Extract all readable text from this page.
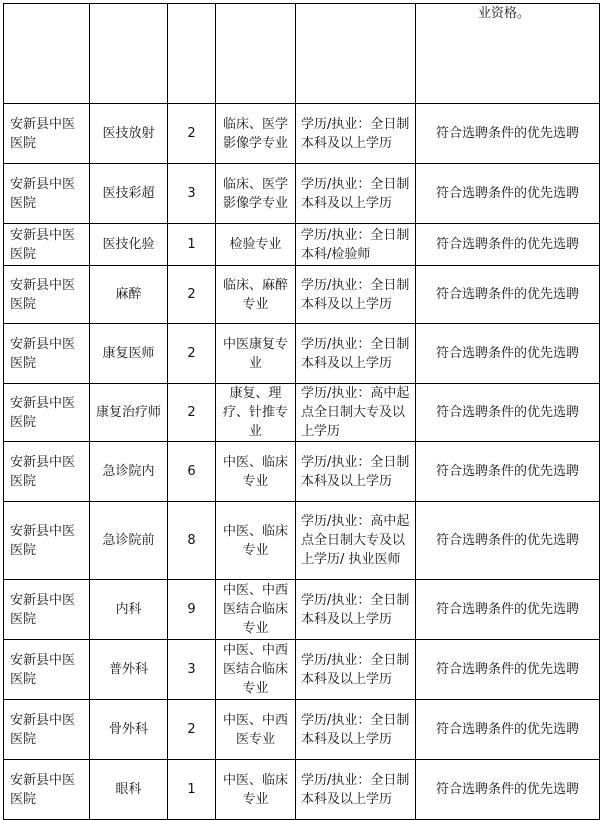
					业资格。
安新县中医医院	医技放射	2	临床、医学影像学专业	学历/执业：全日制本科及以上学历	符合选聘条件的优先选聘
安新县中医医院	医技彩超	3	临床、医学影像学专业	学历/执业：全日制本科及以上学历	符合选聘条件的优先选聘
安新县中医医院	医技化验	1	检验专业	学历/执业：全日制本科/检验师	符合选聘条件的优先选聘
安新县中医医院	麻醉	2	临床、麻醉专业	学历/执业：全日制本科及以上学历	符合选聘条件的优先选聘
安新县中医医院	康复医师	2	中医康复专业	学历/执业：全日制本科及以上学历	符合选聘条件的优先选聘
安新县中医医院	康复治疗师	2	康复、理疗、针推专业	学历/执业：高中起点全日制大专及以上学历	符合选聘条件的优先选聘
安新县中医医院	急诊院内	6	中医、临床专业	学历/执业：全日制本科及以上学历	符合选聘条件的优先选聘
安新县中医医院	急诊院前	8	中医、临床专业	学历/执业：高中起点全日制大专及以上学历/ 执业医师	符合选聘条件的优先选聘
安新县中医医院	内科	9	中医、中西医结合临床专业	学历/执业：全日制本科及以上学历	符合选聘条件的优先选聘
安新县中医医院	普外科	3	中医、中西医结合临床专业	学历/执业：全日制本科及以上学历	符合选聘条件的优先选聘
安新县中医医院	骨外科	2	中医、中西医专业	学历/执业：全日制本科及以上学历	符合选聘条件的优先选聘
安新县中医医院	眼科	1	中医、临床专业	学历/执业：全日制本科及以上学历	符合选聘条件的优先选聘
